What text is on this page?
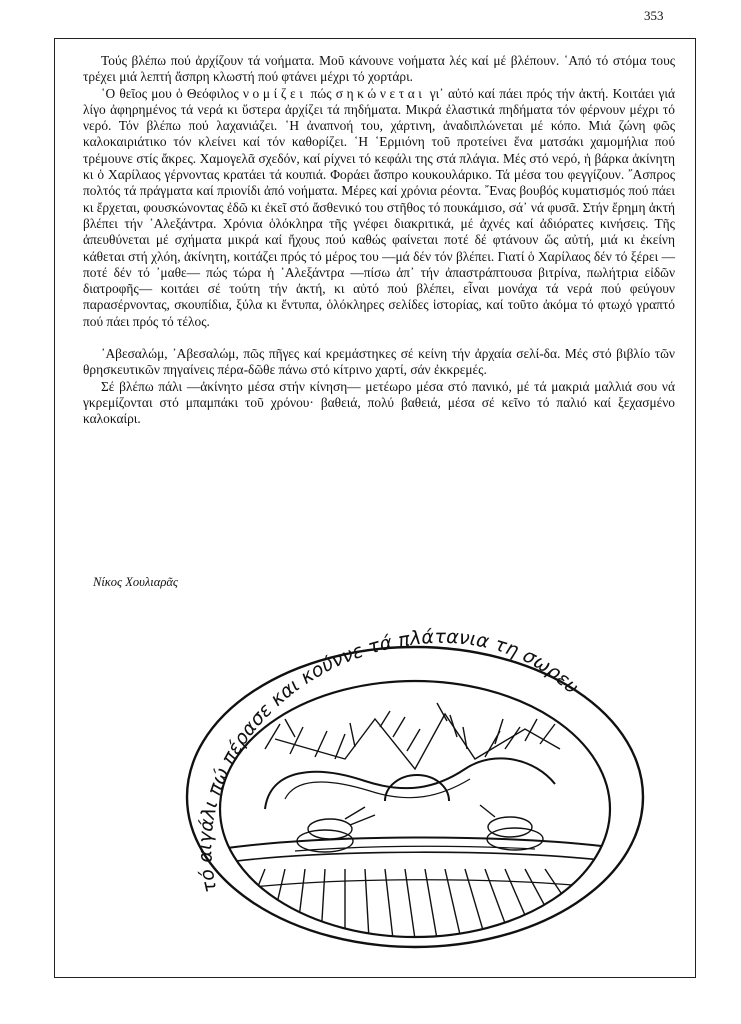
353

Τούς βλέπω πού ἀρχίζουν τά νοήματα. Μοῦ κάνουνε νοήματα λές καί μέ βλέπουν. ῾Από τό στόμα τους τρέχει μιά λεπτή ἄσπρη κλωστή πού φτάνει μέχρι τό χορτάρι.

῾Ο θεῖος μου ὁ Θεόφιλος νομίζει πώς σηκώνεται γι᾽ αὐτό καί πάει πρός τήν ἀκτή. Κοιτάει γιά λίγο ἀφηρημένος τά νερά κι ὕστερα ἀρχίζει τά πηδήματα. Μικρά ἐλαστικά πηδήματα τόν φέρνουν μέχρι τό νερό. Τόν βλέπω πού λαχανιάζει. ῾Η ἀναπνοή του, χάρτινη, ἀναδιπλώνεται μέ κόπο. Μιά ζώνη φῶς καλοκαιριάτικο τόν κλείνει καί τόν καθορίζει. ῾Η ῾Ερμιόνη τοῦ προτείνει ἕνα ματσάκι χαμομήλια πού τρέμουνε στίς ἄκρες. Χαμογελᾶ σχεδόν, καί ρίχνει τό κεφάλι της στά πλάγια. Μές στό νερό, ἡ βάρκα ἀκίνητη κι ὁ Χαρίλαος γέρνοντας κρατάει τά κουπιά. Φοράει ἄσπρο κουκουλάρικο. Τά μέσα του φεγγίζουν. ῎Ασπρος πολτός τά πράγματα καί πριονίδι ἀπό νοήματα. Μέρες καί χρόνια ρέοντα. ῎Ενας βουβός κυματισμός πού πάει κι ἔρχεται, φουσκώνοντας ἐδῶ κι ἐκεῖ στό ἄσθενικό του στῆθος τό πουκάμισο, σά᾽ νά φυσᾶ. Στήν ἔρημη ἀκτή βλέπει τήν ᾽Αλεξάντρα. Χρόνια ὁλόκληρα τῆς γνέφει διακριτικά, μέ ἀχνές καί ἀδιόρατες κινήσεις. Τῆς ἀπευθύνεται μέ σχήματα μικρά καί ἤχους πού καθώς φαίνεται ποτέ δέ φτάνουν ὥς αὐτή, μιά κι ἐκείνη κάθεται στή χλόη, ἀκίνητη, κοιτάζει πρός τό μέρος του —μά δέν τόν βλέπει. Γιατί ὁ Χαρίλαος δέν τό ξέρει —ποτέ δέν τό ᾽μαθε— πώς τώρα ἡ ᾽Αλεξάντρα —πίσω ἀπ᾽ τήν ἀπαστράπτουσα βιτρίνα, πωλήτρια εἰδῶν διατροφῆς— κοιτάει σέ τούτη τήν ἀκτή, κι αὐτό πού βλέπει, εἶναι μονάχα τά νερά πού φεύγουν παρασέρνοντας, σκουπίδια, ξύλα κι ἔντυπα, ὁλόκληρες σελίδες ἱστορίας, καί τοῦτο ἀκόμα τό φτωχό γραπτό πού πάει πρός τό τέλος.

᾽Αβεσαλώμ, ᾽Αβεσαλώμ, πῶς πῆγες καί κρεμάστηκες σέ κείνη τήν ἀρχαία σελί-δα. Μές στό βιβλίο τῶν θρησκευτικῶν πηγαίνεις πέρα-δῶθε πάνω στό κίτρινο χαρτί, σάν ἐκκρεμές.

Σέ βλέπω πάλι —ἀκίνητο μέσα στήν κίνηση— μετέωρο μέσα στό πανικό, μέ τά μακριά μαλλιά σου νά γκρεμίζονται στό μπαμπάκι τοῦ χρόνου· βαθειά, πολύ βαθειά, μέσα σέ κεῖνο τό παλιό καί ξεχασμένο καλοκαίρι.

Νίκος Χουλιαρᾶς
τό αιγάλι πώ πέρασε και κούννε τά πλάτανια τη σωρευ
